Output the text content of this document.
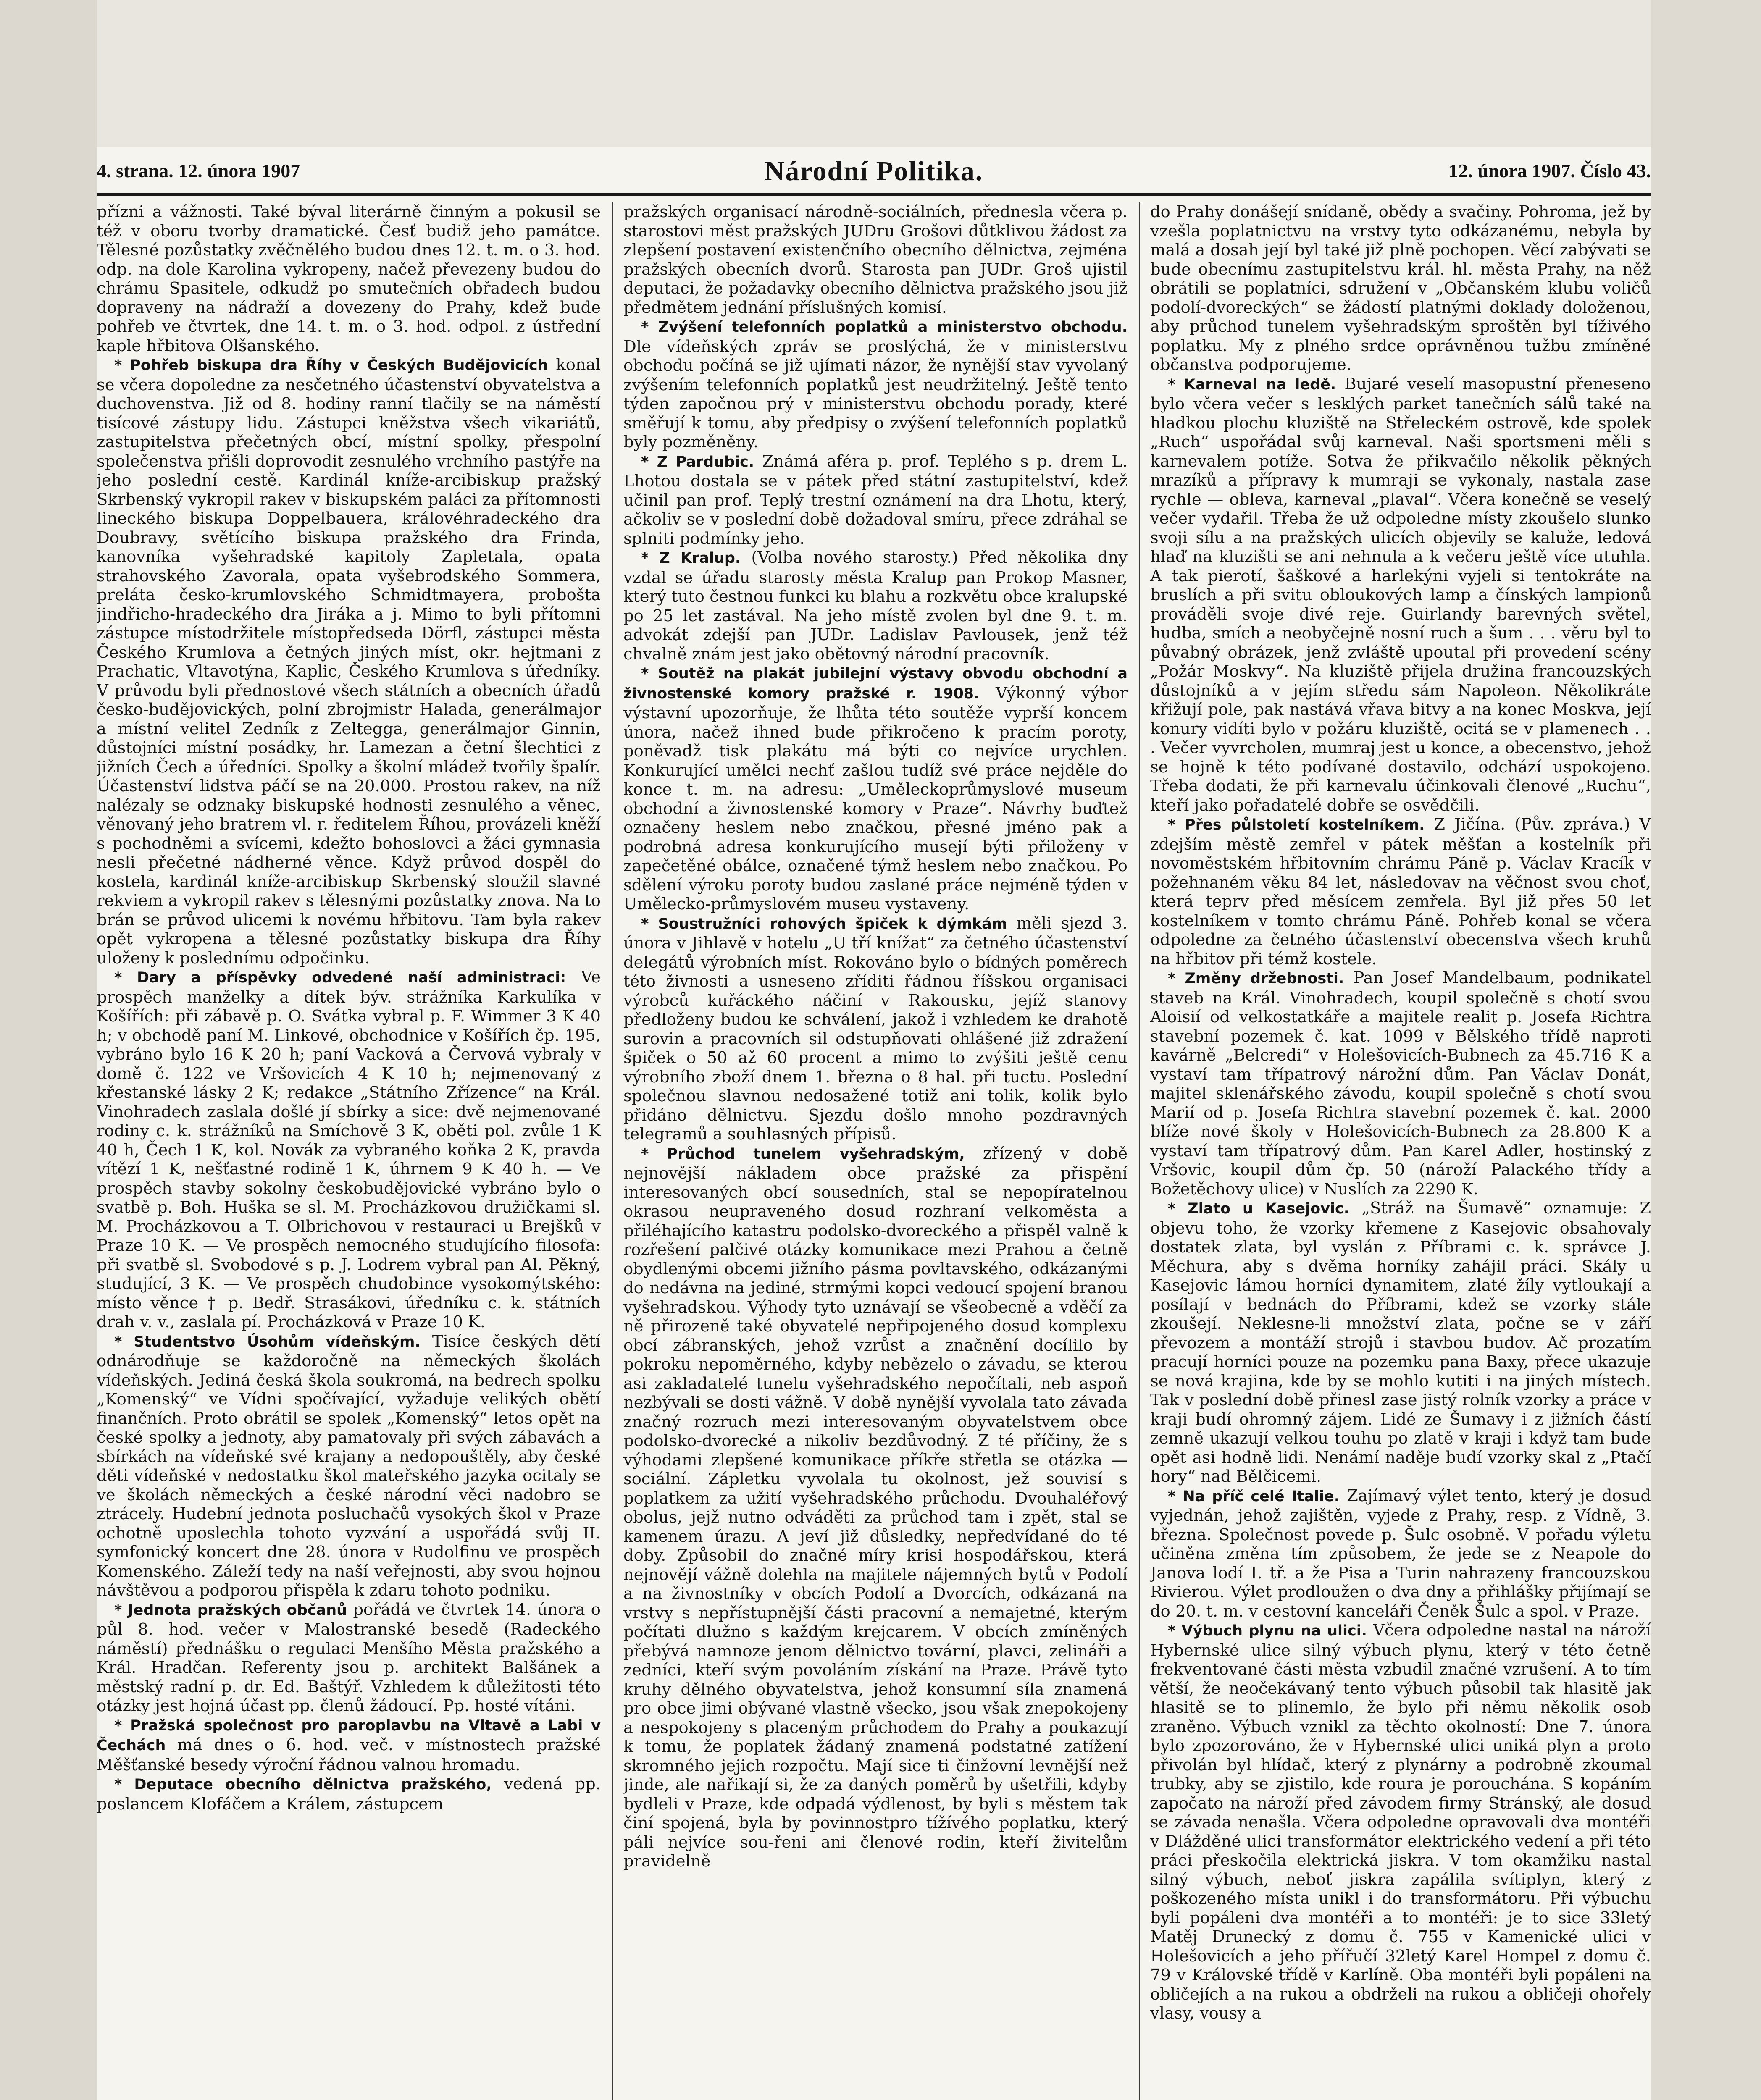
4. strana. 12. února 1907	Národní Politika.	12. února 1907. Číslo 43.

přízni a vážnosti. Také býval literárně činným a pokusil se též v oboru tvorby dramatické. Česť budiž jeho památce. Tělesné pozůstatky zvěčnělého budou dnes 12. t. m. o 3. hod. odp. na dole Karolina vykropeny, načež převezeny budou do chrámu Spasitele, odkudž po smutečních obřadech budou dopraveny na nádraží a dovezeny do Prahy, kdež bude pohřeb ve čtvrtek, dne 14. t. m. o 3. hod. odpol. z ústřední kaple hřbitova Olšanského.

* Pohřeb biskupa dra Říhy v Českých Budějovicích konal se včera dopoledne za nesčetného účastenství obyvatelstva a duchovenstva. Již od 8. hodiny ranní tlačily se na náměstí tisícové zástupy lidu. Zástupci kněžstva všech vikariátů, zastupitelstva přečetných obcí, místní spolky, přespolní společenstva přišli doprovodit zesnulého vrchního pastýře na jeho poslední cestě. Kardinál kníže-arcibiskup pražský Skrbenský vykropil rakev v biskupském paláci za přítomnosti lineckého biskupa Doppelbauera, královéhradeckého dra Doubravy, světícího biskupa pražského dra Frinda, kanovníka vyšehradské kapitoly Zapletala, opata strahovského Zavorala, opata vyšebrodského Sommera, preláta česko-krumlovského Schmidtmayera, probošta jindřicho-hradeckého dra Jiráka a j. Mimo to byli přítomni zástupce místodržitele místopředseda Dörfl, zástupci města Českého Krumlova a četných jiných míst, okr. hejtmani z Prachatic, Vltavotýna, Kaplic, Českého Krumlova s úředníky. V průvodu byli přednostové všech státních a obecních úřadů česko-budějovických, polní zbrojmistr Halada, generálmajor a místní velitel Zedník z Zeltegga, generálmajor Ginnin, důstojníci místní posádky, hr. Lamezan a četní šlechtici z jižních Čech a úředníci. Spolky a školní mládež tvořily špalír. Účastenství lidstva páčí se na 20.000. Prostou rakev, na níž nalézaly se odznaky biskupské hodnosti zesnulého a věnec, věnovaný jeho bratrem vl. r. ředitelem Říhou, provázeli kněží s pochodněmi a svícemi, kdežto bohoslovci a žáci gymnasia nesli přečetné nádherné věnce. Když průvod dospěl do kostela, kardinál kníže-arcibiskup Skrbenský sloužil slavné rekviem a vykropil rakev s tělesnými pozůstatky znova. Na to brán se průvod ulicemi k novému hřbitovu. Tam byla rakev opět vykropena a tělesné pozůstatky biskupa dra Říhy uloženy k poslednímu odpočinku.

* Dary a příspěvky odvedené naší administraci: Ve prospěch manželky a dítek býv. strážníka Karkulíka v Košířích: při zábavě p. O. Svátka vybral p. F. Wimmer 3 K 40 h; v obchodě paní M. Linkové, obchodnice v Košířích čp. 195, vybráno bylo 16 K 20 h; paní Vacková a Červová vybraly v domě č. 122 ve Vršovicích 4 K 10 h; nejmenovaný z křestanské lásky 2 K; redakce „Státního Zřízence“ na Král. Vinohradech zaslala došlé jí sbírky a sice: dvě nejmenované rodiny c. k. strážníků na Smíchově 3 K, oběti pol. zvůle 1 K 40 h, Čech 1 K, kol. Novák za vybraného koňka 2 K, pravda vítězí 1 K, nešťastné rodině 1 K, úhrnem 9 K 40 h. — Ve prospěch stavby sokolny českobudějovické vybráno bylo o svatbě p. Boh. Huška se sl. M. Procházkovou družičkami sl. M. Procházkovou a T. Olbrichovou v restauraci u Brejšků v Praze 10 K. — Ve prospěch nemocného studujícího filosofa: při svatbě sl. Svobodové s p. J. Lodrem vybral pan Al. Pěkný, studující, 3 K. — Ve prospěch chudobince vysokomýtského: místo věnce † p. Bedř. Strasákovi, úředníku c. k. státních drah v. v., zaslala pí. Procházková v Praze 10 K.

* Studentstvo Úsohům vídeňským. Tisíce českých dětí odnárodňuje se každoročně na německých školách vídeňských. Jediná česká škola soukromá, na bedrech spolku „Komenský“ ve Vídni spočívající, vyžaduje velikých obětí finančních. Proto obrátil se spolek „Komenský“ letos opět na české spolky a jednoty, aby pamatovaly při svých zábavách a sbírkách na vídeňské své krajany a nedopouštěly, aby české děti vídeňské v nedostatku škol mateřského jazyka ocitaly se ve školách německých a české národní věci nadobro se ztrácely. Hudební jednota posluchačů vysokých škol v Praze ochotně uposlechla tohoto vyzvání a uspořádá svůj II. symfonický koncert dne 28. února v Rudolfinu ve prospěch Komenského. Záleží tedy na naší veřejnosti, aby svou hojnou návštěvou a podporou přispěla k zdaru tohoto podniku.

* Jednota pražských občanů pořádá ve čtvrtek 14. února o půl 8. hod. večer v Malostranské besedě (Radeckého náměstí) přednášku o regulaci Menšího Města pražského a Král. Hradčan. Referenty jsou p. architekt Balšánek a městský radní p. dr. Ed. Baštýř. Vzhledem k důležitosti této otázky jest hojná účast pp. členů žádoucí. Pp. hosté vítáni.

* Pražská společnost pro paroplavbu na Vltavě a Labi v Čechách má dnes o 6. hod. več. v místnostech pražské Měšťanské besedy výroční řádnou valnou hromadu.

* Deputace obecního dělnictva pražského, vedená pp. poslancem Klofáčem a Králem, zástupcem

pražských organisací národně-sociálních, přednesla včera p. starostovi měst pražských JUDru Grošovi důtklivou žádost za zlepšení postavení existenčního obecního dělnictva, zejména pražských obecních dvorů. Starosta pan JUDr. Groš ujistil deputaci, že požadavky obecního dělnictva pražského jsou již předmětem jednání příslušných komisí.

* Zvýšení telefonních poplatků a ministerstvo obchodu. Dle vídeňských zpráv se proslýchá, že v ministerstvu obchodu počíná se již ujímati názor, že nynější stav vyvolaný zvýšením telefonních poplatků jest neudržitelný. Ještě tento týden započnou prý v ministerstvu obchodu porady, které směřují k tomu, aby předpisy o zvýšení telefonních poplatků byly pozměněny.

* Z Pardubic. Známá aféra p. prof. Teplého s p. drem L. Lhotou dostala se v pátek před státní zastupitelství, kdež učinil pan prof. Teplý trestní oznámení na dra Lhotu, který, ačkoliv se v poslední době dožadoval smíru, přece zdráhal se splniti podmínky jeho.

* Z Kralup. (Volba nového starosty.) Před několika dny vzdal se úřadu starosty města Kralup pan Prokop Masner, který tuto čestnou funkci ku blahu a rozkvětu obce kralupské po 25 let zastával. Na jeho místě zvolen byl dne 9. t. m. advokát zdejší pan JUDr. Ladislav Pavlousek, jenž též chvalně znám jest jako obětovný národní pracovník.

* Soutěž na plakát jubilejní výstavy obvodu obchodní a živnostenské komory pražské r. 1908. Výkonný výbor výstavní upozorňuje, že lhůta této soutěže vyprší koncem února, načež ihned bude přikročeno k pracím poroty, poněvadž tisk plakátu má býti co nejvíce urychlen. Konkurující umělci nechť zašlou tudíž své práce nejděle do konce t. m. na adresu: „Uměleckoprůmyslové museum obchodní a živnostenské komory v Praze“. Návrhy buďtež označeny heslem nebo značkou, přesné jméno pak a podrobná adresa konkurujícího musejí býti přiloženy v zapečetěné obálce, označené týmž heslem nebo značkou. Po sdělení výroku poroty budou zaslané práce nejméně týden v Umělecko-průmyslovém museu vystaveny.

* Soustružníci rohových špiček k dýmkám měli sjezd 3. února v Jihlavě v hotelu „U tří knížat“ za četného účastenství delegátů výrobních míst. Rokováno bylo o bídných poměrech této živnosti a usneseno zříditi řádnou říšskou organisaci výrobců kuřáckého náčiní v Rakousku, jejíž stanovy předloženy budou ke schválení, jakož i vzhledem ke drahotě surovin a pracovních sil odstupňovati ohlášené již zdražení špiček o 50 až 60 procent a mimo to zvýšiti ještě cenu výrobního zboží dnem 1. března o 8 hal. při tuctu. Poslední společnou slavnou nedosažené totiž ani tolik, kolik bylo přidáno dělnictvu. Sjezdu došlo mnoho pozdravných telegramů a souhlasných přípisů.

* Průchod tunelem vyšehradským, zřízený v době nejnovější nákladem obce pražské za přispění interesovaných obcí sousedních, stal se nepopíratelnou okrasou neupraveného dosud rozhraní velkoměsta a přiléhajícího katastru podolsko-dvoreckého a přispěl valně k rozřešení palčivé otázky komunikace mezi Prahou a četně obydlenými obcemi jižního pásma povltavského, odkázanými do nedávna na jediné, strmými kopci vedoucí spojení branou vyšehradskou. Výhody tyto uznávají se všeobecně a vděčí za ně přirozeně také obyvatelé nepřipojeného dosud komplexu obcí zábranských, jehož vzrůst a značnění docílilo by pokroku nepoměrného, kdyby nebězelo o závadu, se kterou asi zakladatelé tunelu vyšehradského nepočítali, neb aspoň nezbývali se dosti vážně. V době nynější vyvolala tato závada značný rozruch mezi interesovaným obyvatelstvem obce podolsko-dvorecké a nikoliv bezdůvodný. Z té příčiny, že s výhodami zlepšené komunikace příkře střetla se otázka — sociální. Zápletku vyvolala tu okolnost, jež souvisí s poplatkem za užití vyšehradského průchodu. Dvouhaléřový obolus, jejž nutno odváděti za průchod tam i zpět, stal se kamenem úrazu. A jeví již důsledky, nepředvídané do té doby. Způsobil do značné míry krisi hospodářskou, která nejnovějí vážně dolehla na majitele nájemných bytů v Podolí a na živnostníky v obcích Podolí a Dvorcích, odkázaná na vrstvy s nepřístupnější části pracovní a nemajetné, kterým počítati dlužno s každým krejcarem. V obcích zmíněných přebývá namnoze jenom dělnictvo tovární, plavci, zelináři a zedníci, kteří svým povoláním získání na Praze. Právě tyto kruhy dělného obyvatelstva, jehož konsumní síla znamená pro obce jimi obývané vlastně všecko, jsou však znepokojeny a nespokojeny s placeným průchodem do Prahy a poukazují k tomu, že poplatek žádaný znamená podstatné zatížení skromného jejich rozpočtu. Mají sice ti činžovní levnější než jinde, ale nařikají si, že za daných poměrů by ušetřili, kdyby bydleli v Praze, kde odpadá výdlenost, by byli s městem tak činí spojená, byla by povinnostpro tížívého poplatku, který páli nejvíce sou-řeni ani členové rodin, kteří živitelům pravidelně

do Prahy donášejí snídaně, obědy a svačiny. Pohroma, jež by vzešla poplatnictvu na vrstvy tyto odkázanému, nebyla by malá a dosah její byl také již plně pochopen. Věcí zabývati se bude obecnímu zastupitelstvu král. hl. města Prahy, na něž obrátili se poplatníci, sdružení v „Občanském klubu voličů podolí-dvoreckých“ se žádostí platnými doklady doloženou, aby průchod tunelem vyšehradským sproštěn byl tíživého poplatku. My z plného srdce oprávněnou tužbu zmíněné občanstva podporujeme.

* Karneval na ledě. Bujaré veselí masopustní přeneseno bylo včera večer s lesklých parket tanečních sálů také na hladkou plochu kluziště na Střeleckém ostrově, kde spolek „Ruch“ uspořádal svůj karneval. Naši sportsmeni měli s karnevalem potíže. Sotva že přikvačilo několik pěkných mrazíků a přípravy k mumraji se vykonaly, nastala zase rychle — obleva, karneval „plaval“. Včera konečně se veselý večer vydařil. Třeba že už odpoledne místy zkoušelo slunko svoji sílu a na pražských ulicích objevily se kaluže, ledová hlaď na kluzišti se ani nehnula a k večeru ještě více utuhla. A tak pierotí, šaškové a harlekýni vyjeli si tentokráte na bruslích a při svitu obloukových lamp a čínských lampionů prováděli svoje divé reje. Guirlandy barevných světel, hudba, smích a neobyčejně nosní ruch a šum . . . věru byl to půvabný obrázek, jenž zvláště upoutal při provedení scény „Požár Moskvy“. Na kluziště přijela družina francouzských důstojníků a v jejím středu sám Napoleon. Několikráte křižují pole, pak nastává vřava bitvy a na konec Moskva, její konury vidíti bylo v požáru kluziště, ocitá se v plamenech . . . Večer vyvrcholen, mumraj jest u konce, a obecenstvo, jehož se hojně k této podívané dostavilo, odchází uspokojeno. Třeba dodati, že při karnevalu účinkovali členové „Ruchu“, kteří jako pořadatelé dobře se osvědčili.

* Přes půlstoletí kostelníkem. Z Jičína. (Pův. zpráva.) V zdejším městě zemřel v pátek měšťan a kostelník při novoměstském hřbitovním chrámu Páně p. Václav Kracík v požehnaném věku 84 let, následovav na věčnost svou choť, která teprv před měsícem zemřela. Byl již přes 50 let kostelníkem v tomto chrámu Páně. Pohřeb konal se včera odpoledne za četného účastenství obecenstva všech kruhů na hřbitov při témž kostele.

* Změny držebnosti. Pan Josef Mandelbaum, podnikatel staveb na Král. Vinohradech, koupil společně s chotí svou Aloisií od velkostatkáře a majitele realit p. Josefa Richtra stavební pozemek č. kat. 1099 v Bělského třídě naproti kavárně „Belcredi“ v Holešovicích-Bubnech za 45.716 K a vystaví tam třípatrový nárožní dům. Pan Václav Donát, majitel sklenářského závodu, koupil společně s chotí svou Marií od p. Josefa Richtra stavební pozemek č. kat. 2000 blíže nové školy v Holešovicích-Bubnech za 28.800 K a vystaví tam třípatrový dům. Pan Karel Adler, hostinský z Vršovic, koupil dům čp. 50 (nároží Palackého třídy a Božetěchovy ulice) v Nuslích za 2290 K.

* Zlato u Kasejovic. „Stráž na Šumavě“ oznamuje: Z objevu toho, že vzorky křemene z Kasejovic obsahovaly dostatek zlata, byl vyslán z Příbrami c. k. správce J. Měchura, aby s dvěma horníky zahájil práci. Skály u Kasejovic lámou horníci dynamitem, zlaté žíly vytloukají a posílají v bednách do Příbrami, kdež se vzorky stále zkoušejí. Neklesne-li množství zlata, počne se v září převozem a montáží strojů i stavbou budov. Ač prozatím pracují horníci pouze na pozemku pana Baxy, přece ukazuje se nová krajina, kde by se mohlo kutiti i na jiných místech. Tak v poslední době přinesl zase jistý rolník vzorky a práce v kraji budí ohromný zájem. Lidé ze Šumavy i z jižních částí zemně ukazují velkou touhu po zlatě v kraji i když tam bude opět asi hodně lidi. Nenámí naděje budí vzorky skal z „Ptačí hory“ nad Bělčicemi.

* Na příč celé Italie. Zajímavý výlet tento, který je dosud vyjednán, jehož zajištěn, vyjede z Prahy, resp. z Vídně, 3. března. Společnost povede p. Šulc osobně. V pořadu výletu učiněna změna tím způsobem, že jede se z Neapole do Janova lodí I. tř. a že Pisa a Turin nahrazeny francouzskou Rivierou. Výlet prodloužen o dva dny a přihlášky přijímají se do 20. t. m. v cestovní kanceláři Čeněk Šulc a spol. v Praze.

* Výbuch plynu na ulici. Včera odpoledne nastal na nároží Hybernské ulice silný výbuch plynu, který v této četně frekventované části města vzbudil značné vzrušení. A to tím větší, že neočekávaný tento výbuch působil tak hlasitě jak hlasitě se to plinemlo, že bylo při němu několik osob zraněno. Výbuch vznikl za těchto okolností: Dne 7. února bylo zpozorováno, že v Hybernské ulici uniká plyn a proto přivolán byl hlídač, který z plynárny a podrobně zkoumal trubky, aby se zjistilo, kde roura je porouchána. S kopáním započato na nároží před závodem firmy Stránský, ale dosud se závada nenašla. Včera odpoledne opravovali dva montéři v Dlážděné ulici transformátor elektrického vedení a při této práci přeskočila elektrická jiskra. V tom okamžiku nastal silný výbuch, neboť jiskra zapálila svítiplyn, který z poškozeného místa unikl i do transformátoru. Při výbuchu byli popáleni dva montéři a to montéři: je to sice 33letý Matěj Drunecký z domu č. 755 v Kamenické ulici v Holešovicích a jeho přířučí 32letý Karel Hompel z domu č. 79 v Královské třídě v Karlíně. Oba montéři byli popáleni na obličejích a na rukou a obdrželi na rukou a obličeji ohořely vlasy, vousy a
